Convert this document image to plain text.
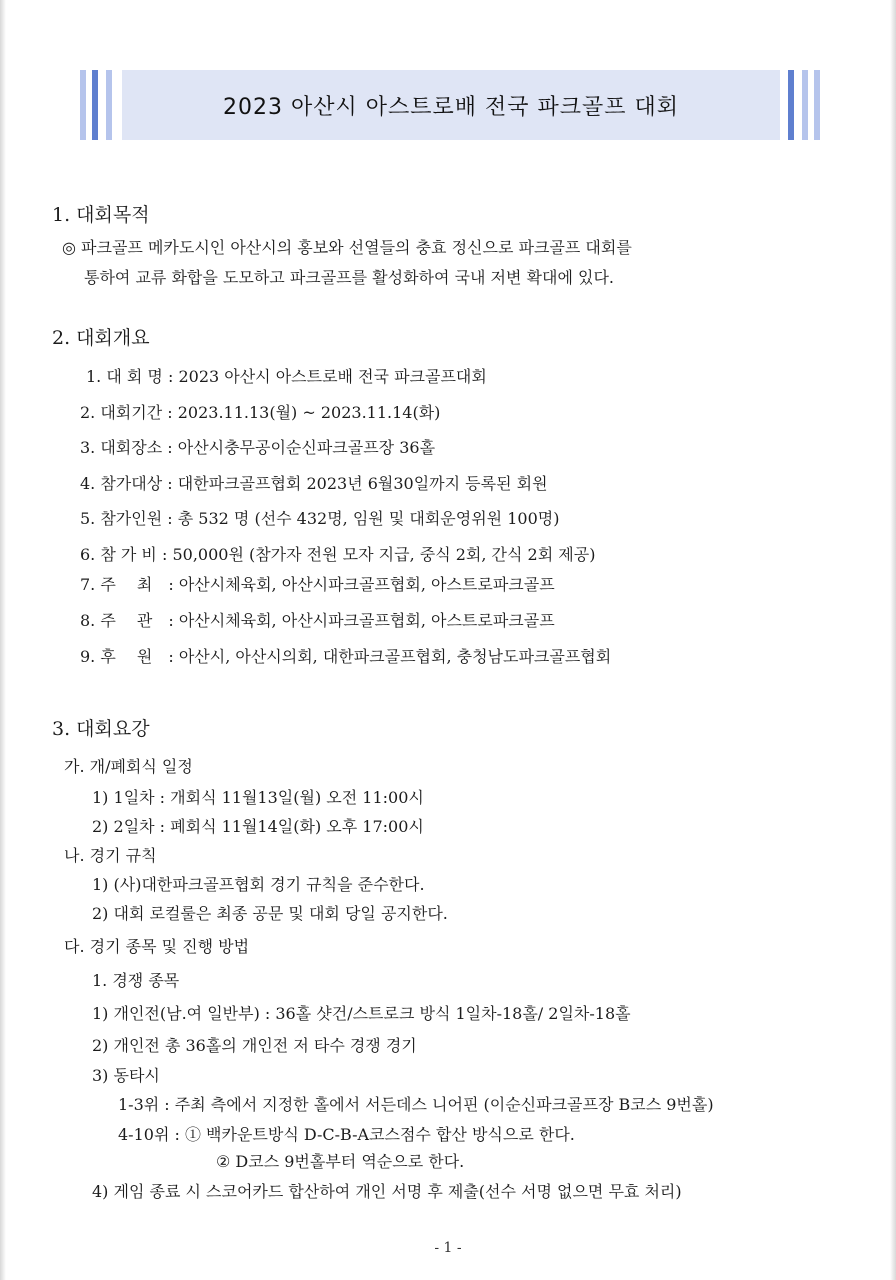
2023 아산시 아스트로배 전국 파크골프 대회
1. 대회목적
◎ 파크골프 메카도시인 아산시의 홍보와 선열들의 충효 정신으로 파크골프 대회를
통하여 교류 화합을 도모하고 파크골프를 활성화하여 국내 저변 확대에 있다.
2. 대회개요
1. 대 회 명 : 2023 아산시 아스트로배 전국 파크골프대회
2. 대회기간 : 2023.11.13(월) ~ 2023.11.14(화)
3. 대회장소 : 아산시충무공이순신파크골프장 36홀
4. 참가대상 : 대한파크골프협회 2023년 6월30일까지 등록된 회원
5. 참가인원 : 총 532 명 (선수 432명, 임원 및 대회운영위원 100명)
6. 참 가 비 : 50,000원 (참가자 전원 모자 지급, 중식 2회, 간식 2회 제공)
7. 주　 최　: 아산시체육회, 아산시파크골프협회, 아스트로파크골프
8. 주　 관　: 아산시체육회, 아산시파크골프협회, 아스트로파크골프
9. 후　 원　: 아산시, 아산시의회, 대한파크골프협회, 충청남도파크골프협회
3. 대회요강
가. 개/폐회식 일정
1) 1일차 : 개회식 11월13일(월) 오전 11:00시
2) 2일차 : 폐회식 11월14일(화) 오후 17:00시
나. 경기 규칙
1) (사)대한파크골프협회 경기 규칙을 준수한다.
2) 대회 로컬룰은 최종 공문 및 대회 당일 공지한다.
다. 경기 종목 및 진행 방법
1. 경쟁 종목
1) 개인전(남.여 일반부) : 36홀 샷건/스트로크 방식 1일차-18홀/ 2일차-18홀
2) 개인전 총 36홀의 개인전 저 타수 경쟁 경기
3) 동타시
1-3위 : 주최 측에서 지정한 홀에서 서든데스 니어핀 (이순신파크골프장 B코스 9번홀)
4-10위 : ① 백카운트방식 D-C-B-A코스점수 합산 방식으로 한다.
② D코스 9번홀부터 역순으로 한다.
4) 게임 종료 시 스코어카드 합산하여 개인 서명 후 제출(선수 서명 없으면 무효 처리)
- 1 -
